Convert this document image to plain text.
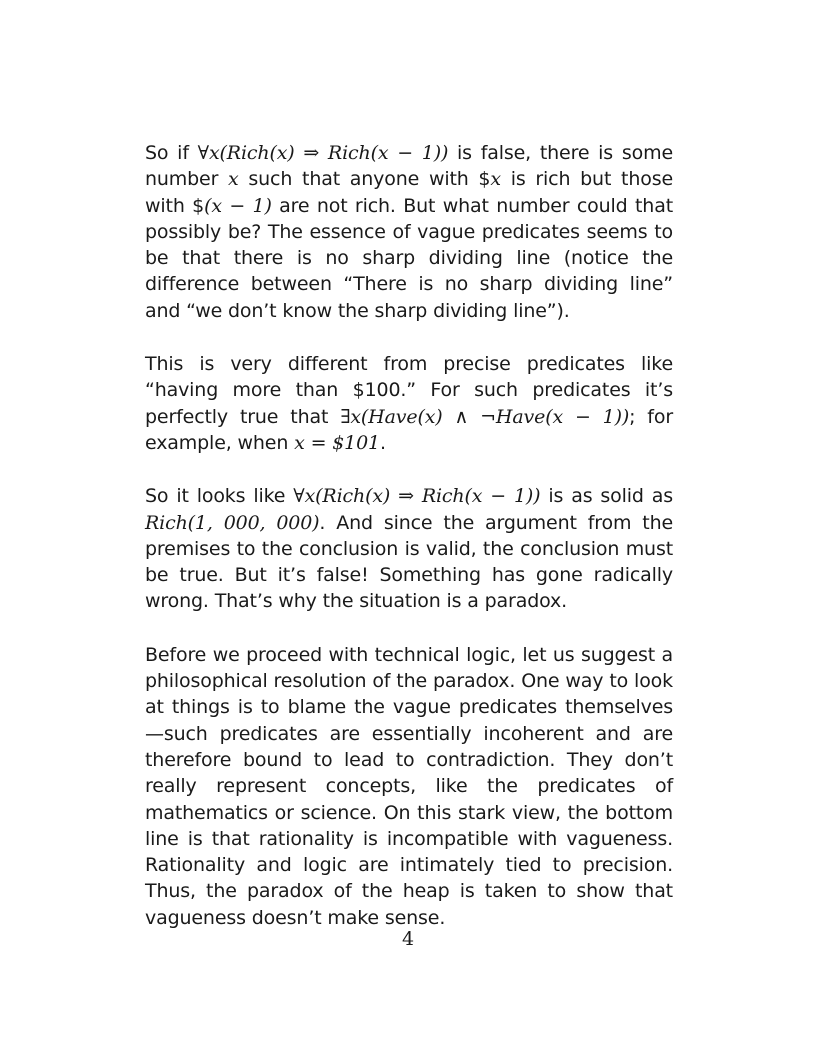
So if ∀x(Rich(x) ⇒ Rich(x − 1)) is false, there is some number x such that anyone with $x is rich but those with $(x − 1) are not rich. But what number could that possibly be? The essence of vague predicates seems to be that there is no sharp dividing line (notice the difference between “There is no sharp dividing line” and “we don’t know the sharp dividing line”).

This is very different from precise predicates like “having more than $100.” For such predicates it’s perfectly true that ∃x(Have(x) ∧ ¬Have(x − 1)); for example, when x = $101.

So it looks like ∀x(Rich(x) ⇒ Rich(x − 1)) is as solid as Rich(1, 000, 000). And since the argument from the premises to the conclusion is valid, the conclusion must be true. But it’s false! Something has gone radically wrong. That’s why the situation is a paradox.

Before we proceed with technical logic, let us suggest a philosophical resolution of the paradox. One way to look at things is to blame the vague predicates themselves—such predicates are essentially incoherent and are therefore bound to lead to contradiction. They don’t really represent concepts, like the predicates of mathematics or science. On this stark view, the bottom line is that rationality is incompatible with vagueness. Rationality and logic are intimately tied to precision. Thus, the paradox of the heap is taken to show that vagueness doesn’t make sense.

4
